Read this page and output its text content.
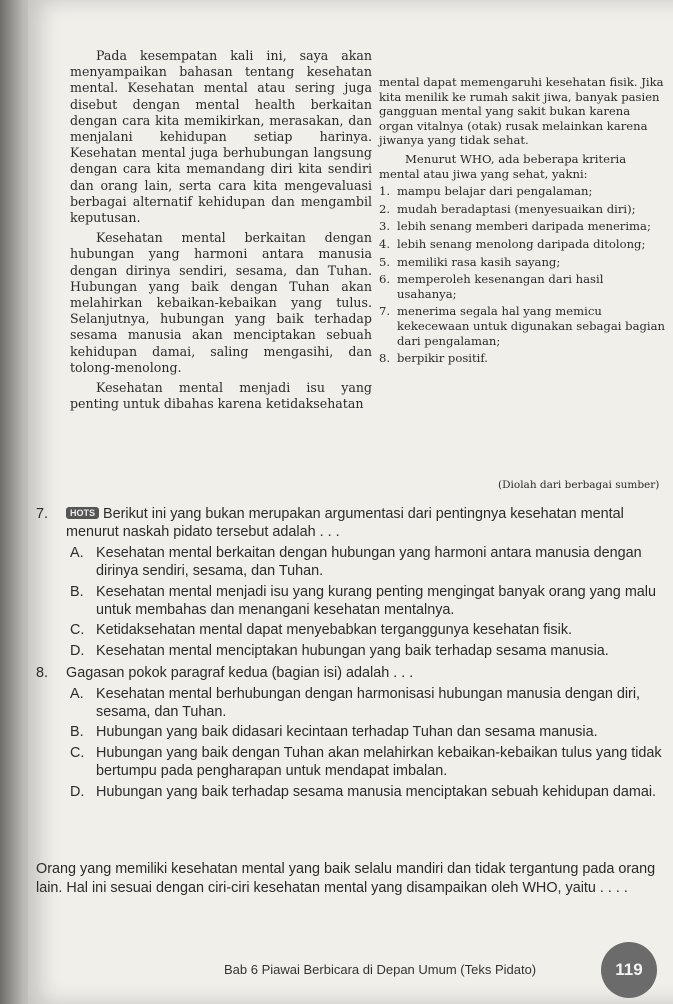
Pada kesempatan kali ini, saya akan menyampaikan bahasan tentang kesehatan mental. Kesehatan mental atau sering juga disebut dengan mental health berkaitan dengan cara kita memikirkan, merasakan, dan menjalani kehidupan setiap harinya. Kesehatan mental juga berhubungan langsung dengan cara kita memandang diri kita sendiri dan orang lain, serta cara kita mengevaluasi berbagai alternatif kehidupan dan mengambil keputusan.

Kesehatan mental berkaitan dengan hubungan yang harmoni antara manusia dengan dirinya sendiri, sesama, dan Tuhan. Hubungan yang baik dengan Tuhan akan melahirkan kebaikan-kebaikan yang tulus. Selanjutnya, hubungan yang baik terhadap sesama manusia akan menciptakan sebuah kehidupan damai, saling mengasihi, dan tolong-menolong.

Kesehatan mental menjadi isu yang penting untuk dibahas karena ketidaksehatan

mental dapat memengaruhi kesehatan fisik. Jika kita menilik ke rumah sakit jiwa, banyak pasien gangguan mental yang sakit bukan karena organ vitalnya (otak) rusak melainkan karena jiwanya yang tidak sehat.

Menurut WHO, ada beberapa kriteria mental atau jiwa yang sehat, yakni:

1. mampu belajar dari pengalaman;
2. mudah beradaptasi (menyesuaikan diri);
3. lebih senang memberi daripada menerima;
4. lebih senang menolong daripada ditolong;
5. memiliki rasa kasih sayang;
6. memperoleh kesenangan dari hasil usahanya;
7. menerima segala hal yang memicu kekecewaan untuk digunakan sebagai bagian dari pengalaman;
8. berpikir positif.
(Diolah dari berbagai sumber)
7.	HOTS Berikut ini yang bukan merupakan argumentasi dari pentingnya kesehatan mental menurut naskah pidato tersebut adalah . . .
A. Kesehatan mental berkaitan dengan hubungan yang harmoni antara manusia dengan dirinya sendiri, sesama, dan Tuhan.
B. Kesehatan mental menjadi isu yang kurang penting mengingat banyak orang yang malu untuk membahas dan menangani kesehatan mentalnya.
C. Ketidaksehatan mental dapat menyebabkan terganggunya kesehatan fisik.
D. Kesehatan mental menciptakan hubungan yang baik terhadap sesama manusia.
8.	Gagasan pokok paragraf kedua (bagian isi) adalah . . .
A. Kesehatan mental berhubungan dengan harmonisasi hubungan manusia dengan diri, sesama, dan Tuhan.
B. Hubungan yang baik didasari kecintaan terhadap Tuhan dan sesama manusia.
C. Hubungan yang baik dengan Tuhan akan melahirkan kebaikan-kebaikan tulus yang tidak bertumpu pada pengharapan untuk mendapat imbalan.
D. Hubungan yang baik terhadap sesama manusia menciptakan sebuah kehidupan damai.
Orang yang memiliki kesehatan mental yang baik selalu mandiri dan tidak tergantung pada orang lain. Hal ini sesuai dengan ciri-ciri kesehatan mental yang disampaikan oleh WHO, yaitu . . . .
Bab 6 Piawai Berbicara di Depan Umum (Teks Pidato)	119
